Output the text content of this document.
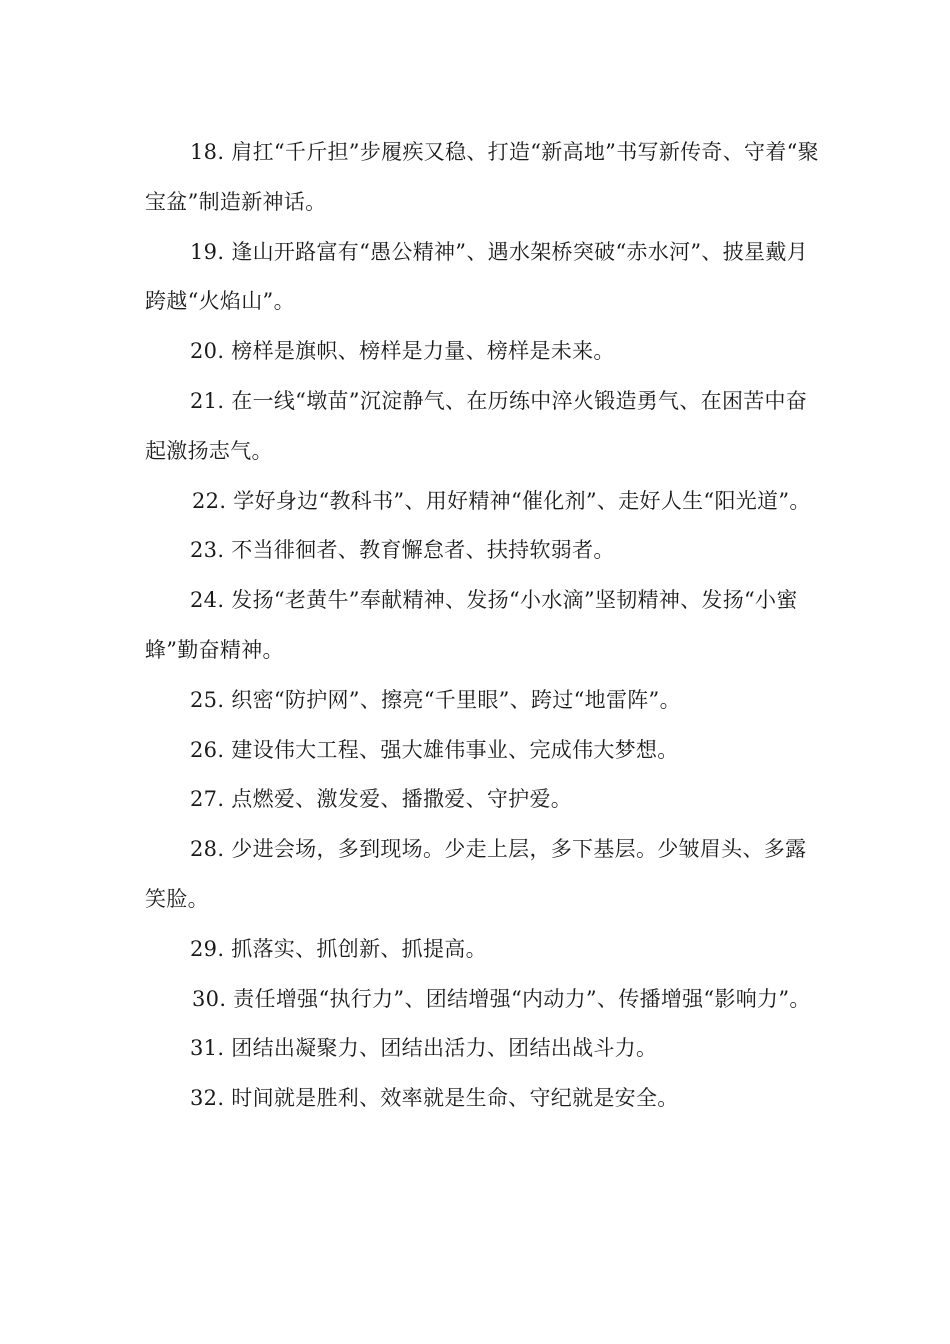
18. 肩扛“千斤担”步履疾又稳、打造“新高地”书写新传奇、守着“聚宝盆”制造新神话。

19. 逢山开路富有“愚公精神”、遇水架桥突破“赤水河”、披星戴月跨越“火焰山”。

20. 榜样是旗帜、榜样是力量、榜样是未来。

21. 在一线“墩苗”沉淀静气、在历练中淬火锻造勇气、在困苦中奋起激扬志气。

22. 学好身边“教科书”、用好精神“催化剂”、走好人生“阳光道”。

23. 不当徘徊者、教育懈怠者、扶持软弱者。

24. 发扬“老黄牛”奉献精神、发扬“小水滴”坚韧精神、发扬“小蜜蜂”勤奋精神。

25. 织密“防护网”、擦亮“千里眼”、跨过“地雷阵”。

26. 建设伟大工程、强大雄伟事业、完成伟大梦想。

27. 点燃爱、激发爱、播撒爱、守护爱。

28. 少进会场，多到现场。少走上层，多下基层。少皱眉头、多露笑脸。

29. 抓落实、抓创新、抓提高。

30. 责任增强“执行力”、团结增强“内动力”、传播增强“影响力”。

31. 团结出凝聚力、团结出活力、团结出战斗力。

32. 时间就是胜利、效率就是生命、守纪就是安全。
